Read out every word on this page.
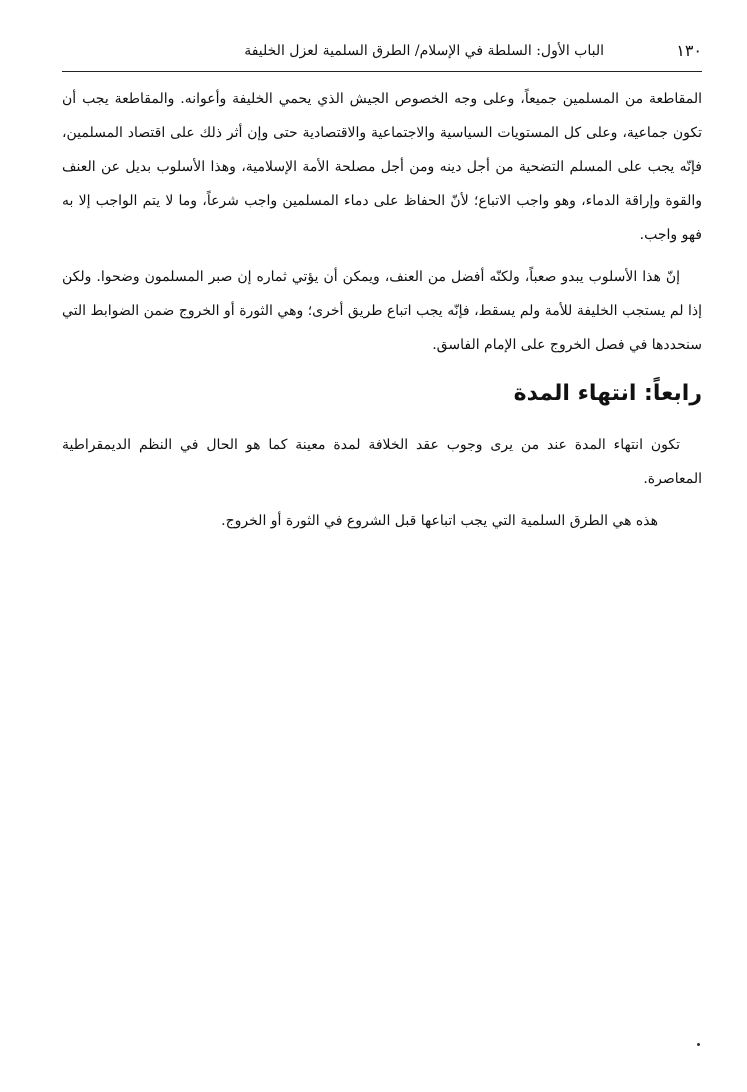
١٣٠
الباب الأول: السلطة في الإسلام/ الطرق السلمية لعزل الخليفة

المقاطعة من المسلمين جميعاً، وعلى وجه الخصوص الجيش الذي يحمي الخليفة وأعوانه. والمقاطعة يجب أن تكون جماعية، وعلى كل المستويات السياسية والاجتماعية والاقتصادية حتى وإن أثر ذلك على اقتصاد المسلمين، فإنّه يجب على المسلم التضحية من أجل دينه ومن أجل مصلحة الأمة الإسلامية، وهذا الأسلوب بديل عن العنف والقوة وإراقة الدماء، وهو واجب الاتباع؛ لأنّ الحفاظ على دماء المسلمين واجب شرعاً، وما لا يتم الواجب إلا به فهو واجب.

إنّ هذا الأسلوب يبدو صعباً، ولكنّه أفضل من العنف، ويمكن أن يؤتي ثماره إن صبر المسلمون وضحوا. ولكن إذا لم يستجب الخليفة للأمة ولم يسقط، فإنّه يجب اتباع طريق أخرى؛ وهي الثورة أو الخروج ضمن الضوابط التي سنحددها في فصل الخروج على الإمام الفاسق.

رابعاً: انتهاء المدة

تكون انتهاء المدة عند من يرى وجوب عقد الخلافة لمدة معينة كما هو الحال في النظم الديمقراطية المعاصرة.

هذه هي الطرق السلمية التي يجب اتباعها قبل الشروع في الثورة أو الخروج.
